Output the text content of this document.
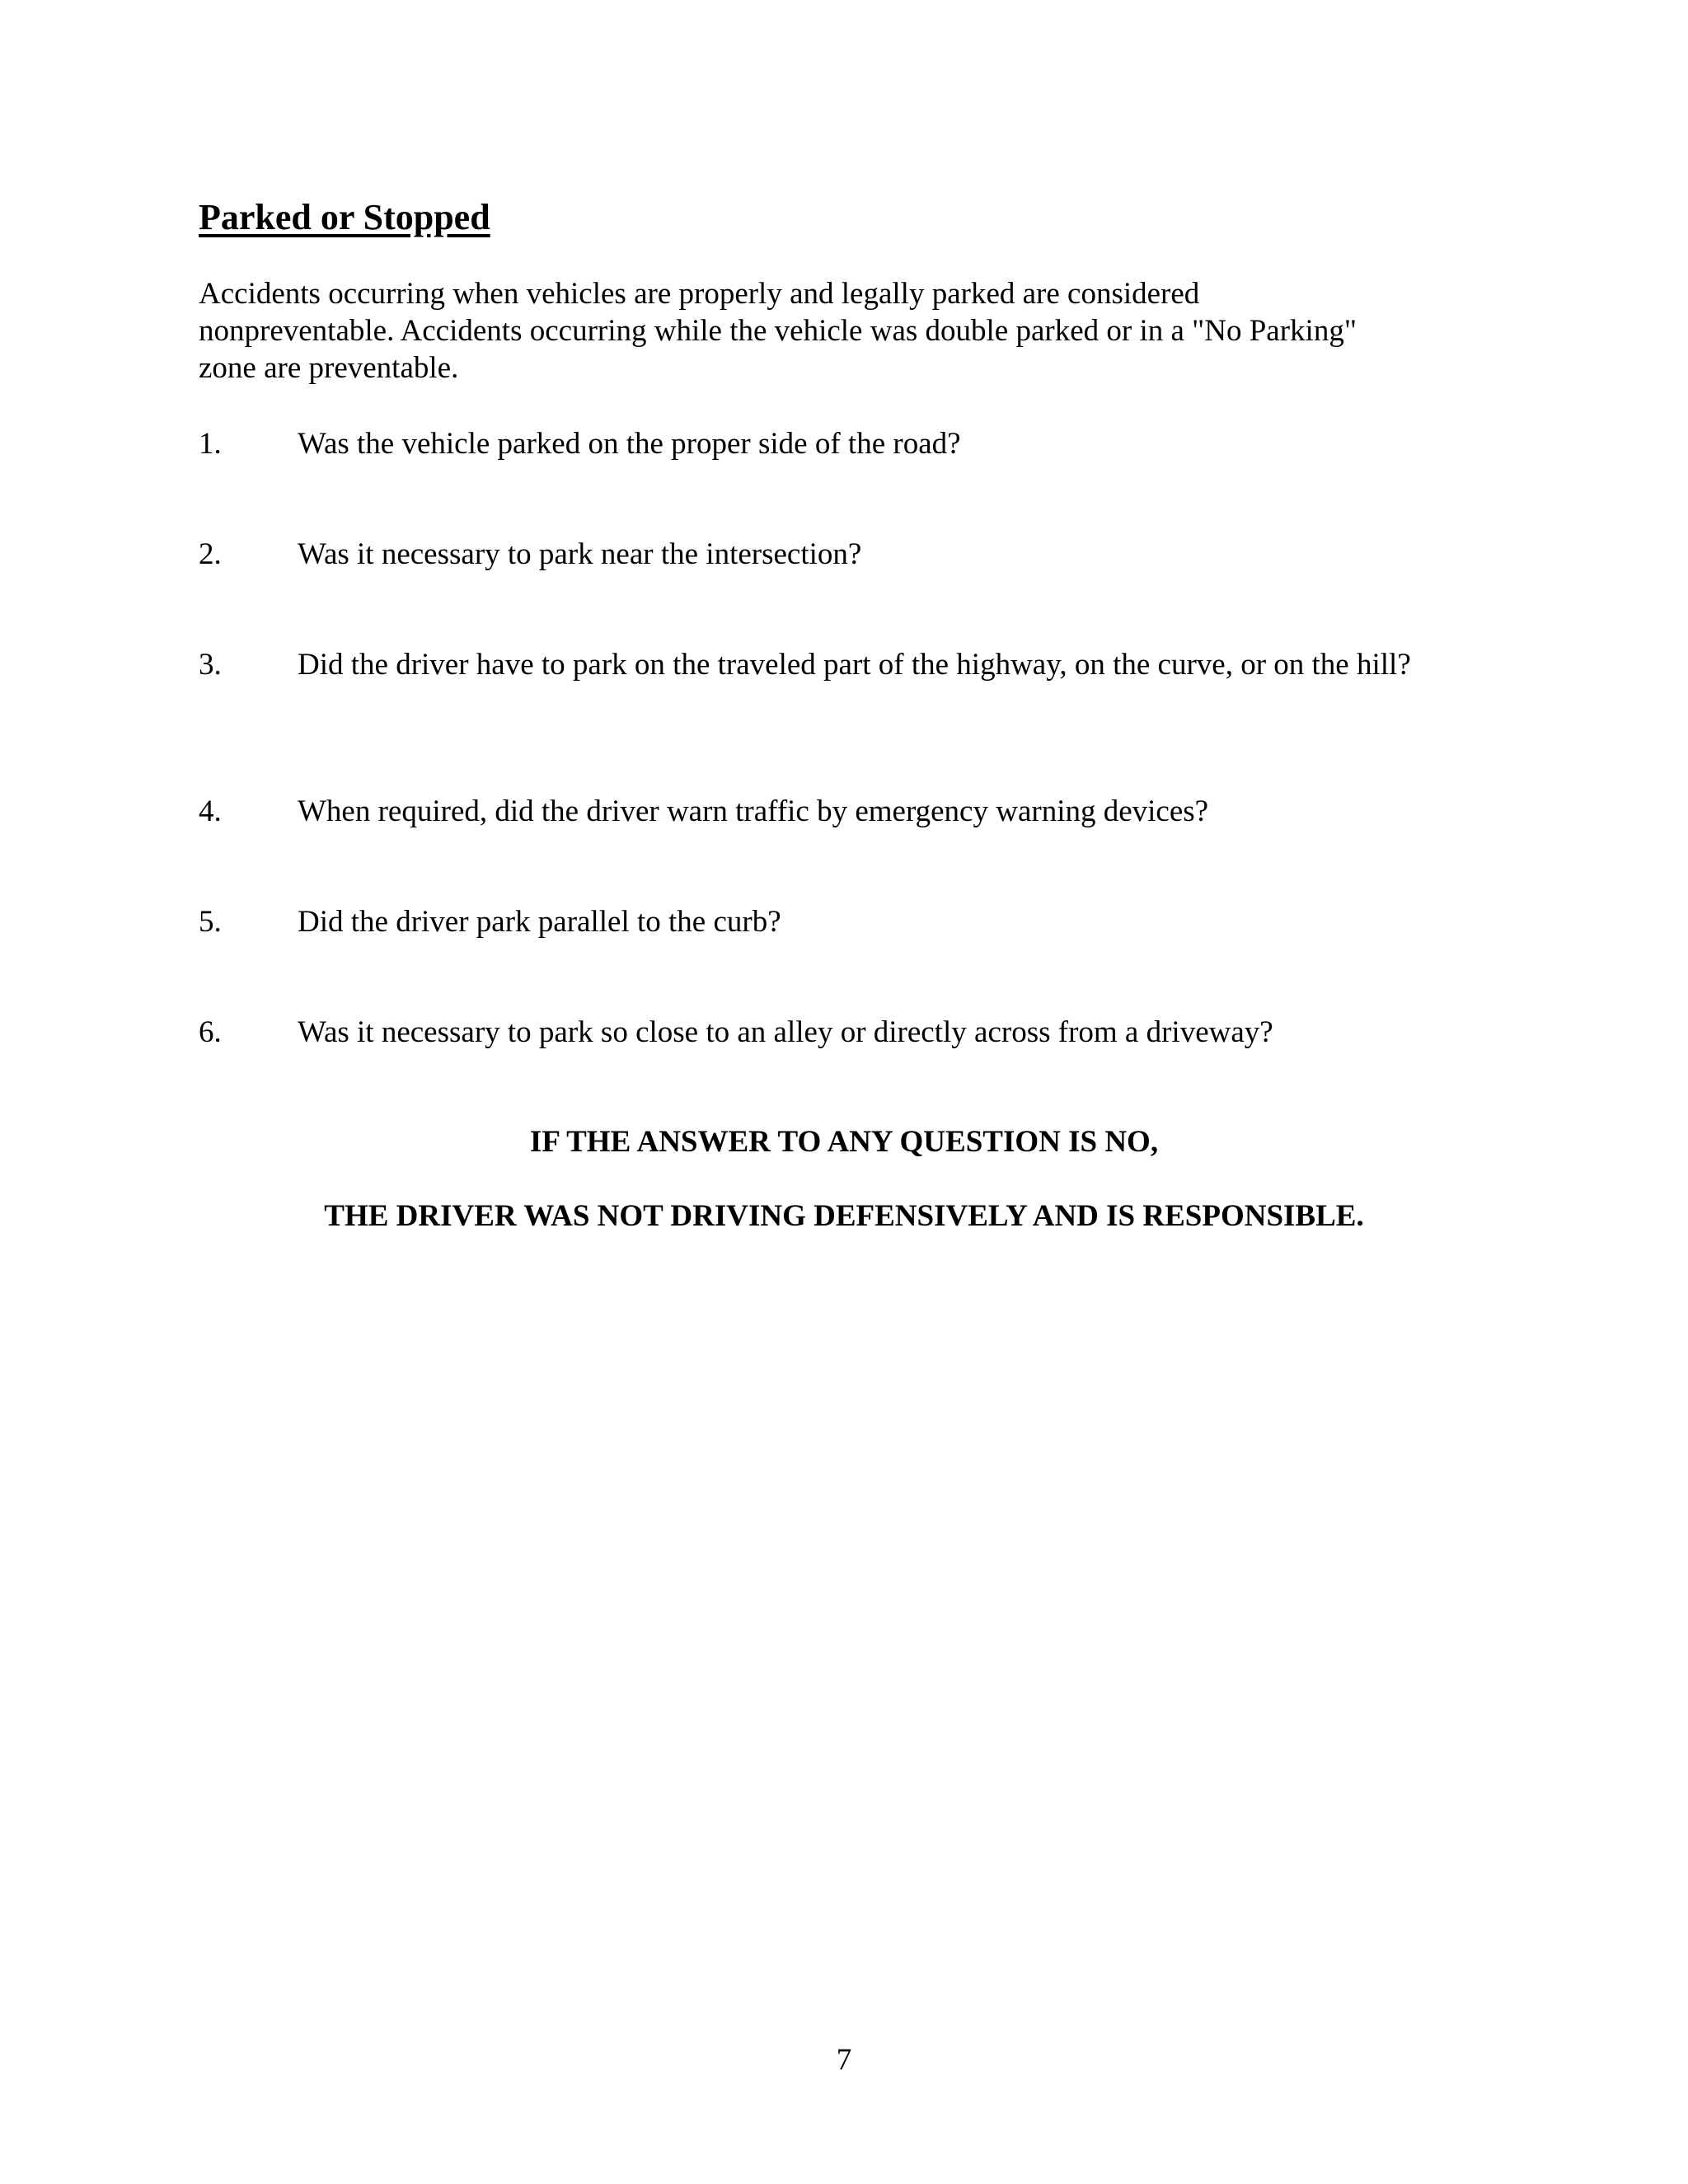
Parked or Stopped

Accidents occurring when vehicles are properly and legally parked are considered
nonpreventable. Accidents occurring while the vehicle was double parked or in a "No Parking"
zone are preventable.

1. Was the vehicle parked on the proper side of the road?
2. Was it necessary to park near the intersection?
3. Did the driver have to park on the traveled part of the highway, on the curve, or on the hill?
4. When required, did the driver warn traffic by emergency warning devices?
5. Did the driver park parallel to the curb?
6. Was it necessary to park so close to an alley or directly across from a driveway?

IF THE ANSWER TO ANY QUESTION IS NO,

THE DRIVER WAS NOT DRIVING DEFENSIVELY AND IS RESPONSIBLE.

7
